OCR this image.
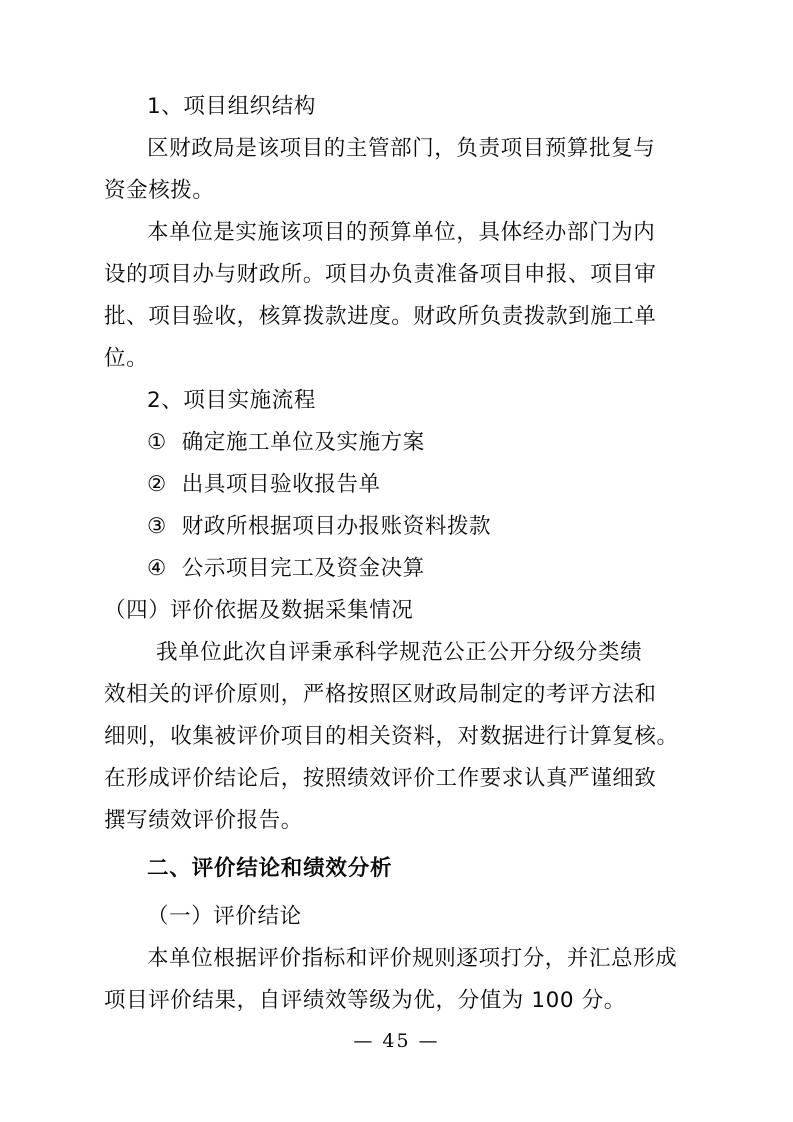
1、项目组织结构

区财政局是该项目的主管部门，负责项目预算批复与

资金核拨。

本单位是实施该项目的预算单位，具体经办部门为内

设的项目办与财政所。项目办负责准备项目申报、项目审

批、项目验收，核算拨款进度。财政所负责拨款到施工单

位。

2、项目实施流程

①  确定施工单位及实施方案

②  出具项目验收报告单

③  财政所根据项目办报账资料拨款

④  公示项目完工及资金决算

（四）评价依据及数据采集情况

我单位此次自评秉承科学规范公正公开分级分类绩

效相关的评价原则，严格按照区财政局制定的考评方法和

细则，收集被评价项目的相关资料，对数据进行计算复核。

在形成评价结论后，按照绩效评价工作要求认真严谨细致

撰写绩效评价报告。

二、评价结论和绩效分析

（一）评价结论

本单位根据评价指标和评价规则逐项打分，并汇总形成

项目评价结果，自评绩效等级为优，分值为 100 分。

— 45 —
